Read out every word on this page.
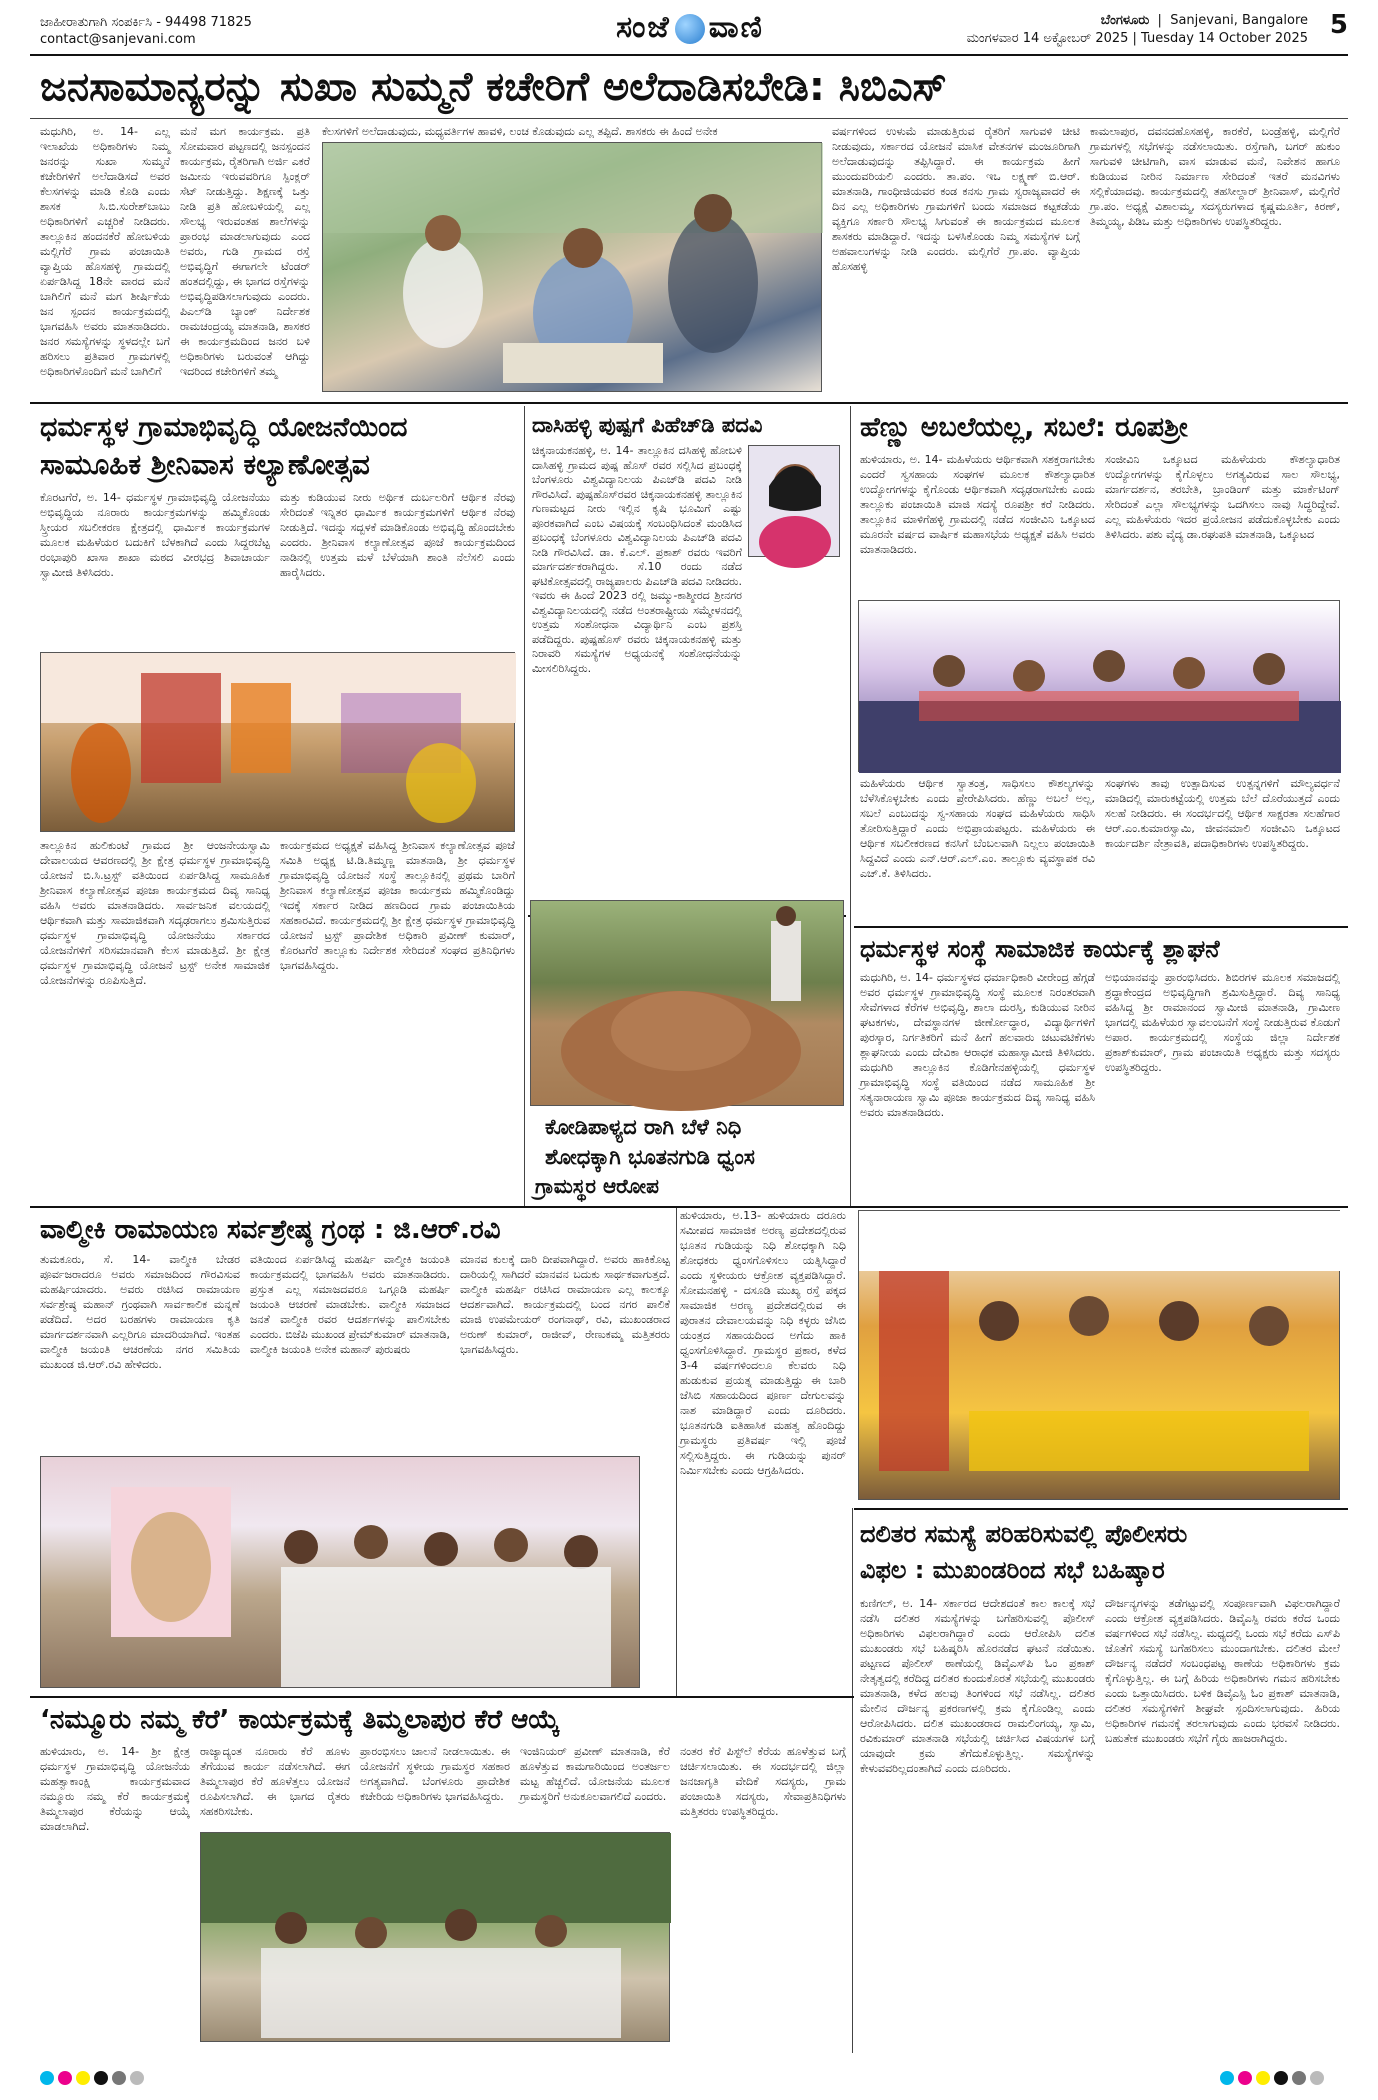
ಜಾಹೀರಾತುಗಾಗಿ ಸಂಪರ್ಕಿಸಿ - 94498 71825
contact@sanjevani.com	ಸಂಜೆ ವಾಣಿ	ಬೆಂಗಳೂರು  |  Sanjevani, Bangalore
ಮಂಗಳವಾರ 14 ಅಕ್ಟೋಬರ್ 2025 | Tuesday 14 October 2025 5
ಜನಸಾಮಾನ್ಯರನ್ನು ಸುಖಾ ಸುಮ್ಮನೆ ಕಚೇರಿಗೆ ಅಲೆದಾಡಿಸಬೇಡಿ: ಸಿಬಿಎಸ್
ಮಧುಗಿರಿ, ಅ. 14- ಎಲ್ಲ ಇಲಾಖೆಯ ಅಧಿಕಾರಿಗಳು ನಿಮ್ಮ ಜನರನ್ನು ಸುಖಾ ಸುಮ್ಮನೆ ಕಚೇರಿಗಳಿಗೆ ಅಲೆದಾಡಿಸದೆ ಅವರ ಕೆಲಸಗಳನ್ನು ಮಾಡಿ ಕೊಡಿ ಎಂದು ಶಾಸಕ ಸಿ.ಬಿ.ಸುರೇಶ್‌ಬಾಬು ಅಧಿಕಾರಿಗಳಿಗೆ ಎಚ್ಚರಿಕೆ ನೀಡಿದರು. ತಾಲ್ಲೂಕಿನ ಹಂದನಕೆರೆ ಹೋಬಳಿಯ ಮಲ್ಲಿಗೆರೆ ಗ್ರಾಮ ಪಂಚಾಯಿತಿ ವ್ಯಾಪ್ತಿಯ ಹೊಸಹಳ್ಳಿ ಗ್ರಾಮದಲ್ಲಿ ಏರ್ಪಡಿಸಿದ್ದ 18ನೇ ವಾರದ ಮನೆ ಬಾಗಿಲಿಗೆ ಮನೆ ಮಗ ಶೀರ್ಷಿಕೆಯ ಜನ ಸ್ಪಂದನ ಕಾರ್ಯಕ್ರಮದಲ್ಲಿ ಭಾಗವಹಿಸಿ ಅವರು ಮಾತನಾಡಿದರು. ಜನರ ಸಮಸ್ಯೆಗಳನ್ನು ಸ್ಥಳದಲ್ಲೇ ಬಗೆ ಹರಿಸಲು ಪ್ರತಿವಾರ ಗ್ರಾಮಗಳಲ್ಲಿ ಅಧಿಕಾರಿಗಳೊಂದಿಗೆ ಮನೆ ಬಾಗಿಲಿಗೆ
ಮನೆ ಮಗ ಕಾರ್ಯಕ್ರಮ. ಪ್ರತಿ ಸೋಮವಾರ ಪಟ್ಟಣದಲ್ಲಿ ಜನಸ್ಪಂದನ ಕಾರ್ಯಕ್ರಮ, ರೈತರಿಗಾಗಿ ಅರ್ಜಿ ಎಕರೆ ಜಮೀನು ಇರುವವರಿಗೂ ಸ್ಪಿಂಕ್ಲರ್ ಸೆಟ್ ನೀಡುತ್ತಿದ್ದು. ಶಿಕ್ಷಣಕ್ಕೆ ಒತ್ತು ನೀಡಿ ಪ್ರತಿ ಹೋಬಳಿಯಲ್ಲಿ ಎಲ್ಲ ಸೌಲಭ್ಯ ಇರುವಂತಹ ಶಾಲೆಗಳನ್ನು ಪ್ರಾರಂಭ ಮಾಡಲಾಗುವುದು ಎಂದ ಅವರು, ಗುಡಿ ಗ್ರಾಮದ ರಸ್ತೆ ಅಭಿವೃದ್ಧಿಗೆ ಈಗಾಗಲೇ ಟೆಂಡರ್ ಹಂತದಲ್ಲಿದ್ದು, ಈ ಭಾಗದ ರಸ್ತೆಗಳನ್ನು ಅಭಿವೃದ್ಧಿಪಡಿಸಲಾಗುವುದು ಎಂದರು. ಪಿಎಲ್‌ಡಿ ಬ್ಯಾಂಕ್ ನಿರ್ದೇಶಕ ರಾಮಚಂದ್ರಯ್ಯ ಮಾತನಾಡಿ, ಶಾಸಕರ ಈ ಕಾರ್ಯಕ್ರಮದಿಂದ ಜನರ ಬಳಿ ಅಧಿಕಾರಿಗಳು ಬರುವಂತೆ ಆಗಿದ್ದು ಇದರಿಂದ ಕಚೇರಿಗಳಿಗೆ ತಮ್ಮ
ಕೆಲಸಗಳಿಗೆ ಅಲೆದಾಡುವುದು, ಮಧ್ಯವರ್ತಿಗಳ ಹಾವಳಿ, ಲಂಚ ಕೊಡುವುದು ಎಲ್ಲ ತಪ್ಪಿದೆ. ಶಾಸಕರು ಈ ಹಿಂದೆ ಅನೇಕ	ವರ್ಷಗಳಿಂದ ಉಳುಮೆ ಮಾಡುತ್ತಿರುವ ರೈತರಿಗೆ ಸಾಗುವಳಿ ಚೀಟಿ ನೀಡುವುದು, ಸರ್ಕಾರದ ಯೋಜನೆ ಮಾಸಿಕ ವೇತನಗಳ ಮಂಜೂರಿಗಾಗಿ ಅಲೆದಾಡುವುದನ್ನು ತಪ್ಪಿಸಿದ್ದಾರೆ. ಈ ಕಾರ್ಯಕ್ರಮ ಹೀಗೆ ಮುಂದುವರಿಯಲಿ ಎಂದರು. ತಾ.ಪಂ. ಇಒ ಲಕ್ಷ್ಮಣ್ ಬಿ.ಆರ್. ಮಾತನಾಡಿ, ಗಾಂಧೀಜಿಯವರ ಕಂಡ ಕನಸು ಗ್ರಾಮ ಸ್ವರಾಜ್ಯವಾದರೆ ಈ ದಿನ ಎಲ್ಲ ಅಧಿಕಾರಿಗಳು ಗ್ರಾಮಗಳಿಗೆ ಬಂದು ಸಮಾಜದ ಕಟ್ಟಕಡೆಯ ವ್ಯಕ್ತಿಗೂ ಸರ್ಕಾರಿ ಸೌಲಭ್ಯ ಸಿಗುವಂತೆ ಈ ಕಾರ್ಯಕ್ರಮದ ಮೂಲಕ ಶಾಸಕರು ಮಾಡಿದ್ದಾರೆ. ಇದನ್ನು ಬಳಸಿಕೊಂಡು ನಿಮ್ಮ ಸಮಸ್ಯೆಗಳ ಬಗ್ಗೆ ಅಹವಾಲುಗಳನ್ನು ನೀಡಿ ಎಂದರು. ಮಲ್ಲಿಗೆರೆ ಗ್ರಾ.ಪಂ. ವ್ಯಾಪ್ತಿಯ ಹೊಸಹಳ್ಳಿ
ಕಾಮಲಾಪುರ, ದವನದಹೊಸಹಳ್ಳಿ, ಕಾರಕೆರೆ, ಬಂಡ್ರೆಹಳ್ಳಿ, ಮಲ್ಲಿಗೆರೆ ಗ್ರಾಮಗಳಲ್ಲಿ ಸಭೆಗಳನ್ನು ನಡೆಸಲಾಯಿತು. ರಸ್ತೆಗಾಗಿ, ಬಗರ್ ಹುಕುಂ ಸಾಗುವಳಿ ಚೀಟಿಗಾಗಿ, ವಾಸ ಮಾಡುವ ಮನೆ, ನಿವೇಶನ ಹಾಗೂ ಕುಡಿಯುವ ನೀರಿನ ನಿರ್ಮಾಣ ಸೇರಿದಂತೆ ಇತರೆ ಮನವಿಗಳು ಸಲ್ಲಿಕೆಯಾದವು. ಕಾರ್ಯಕ್ರಮದಲ್ಲಿ ತಹಸೀಲ್ದಾರ್ ಶ್ರೀನಿವಾಸ್, ಮಲ್ಲಿಗೆರೆ ಗ್ರಾ.ಪಂ. ಅಧ್ಯಕ್ಷೆ ವಿಶಾಲಮ್ಮ, ಸದಸ್ಯರುಗಳಾದ ಕೃಷ್ಣಮೂರ್ತಿ, ಕಿರಣ್, ತಿಮ್ಮಯ್ಯ, ಪಿಡಿಒ ಮತ್ತು ಅಧಿಕಾರಿಗಳು ಉಪಸ್ಥಿತರಿದ್ದರು.
ಧರ್ಮಸ್ಥಳ ಗ್ರಾಮಾಭಿವೃದ್ಧಿ ಯೋಜನೆಯಿಂದ
ಸಾಮೂಹಿಕ ಶ್ರೀನಿವಾಸ ಕಲ್ಯಾಣೋತ್ಸವ
ಕೊರಟಗೆರೆ, ಅ. 14- ಧರ್ಮಸ್ಥಳ ಗ್ರಾಮಾಭಿವೃದ್ಧಿ ಯೋಜನೆಯು ಅಭಿವೃದ್ಧಿಯ ನೂರಾರು ಕಾರ್ಯಕ್ರಮಗಳನ್ನು ಹಮ್ಮಿಕೊಂಡು ಸ್ತ್ರೀಯರ ಸಬಲೀಕರಣ ಕ್ಷೇತ್ರದಲ್ಲಿ ಧಾರ್ಮಿಕ ಕಾರ್ಯಕ್ರಮಗಳ ಮೂಲಕ ಮಹಿಳೆಯರ ಬದುಕಿಗೆ ಬೆಳಕಾಗಿದೆ ಎಂದು ಸಿದ್ದರಬೆಟ್ಟ ರಂಭಾಪುರಿ ಖಾಸಾ ಶಾಖಾ ಮಠದ ವೀರಭದ್ರ ಶಿವಾಚಾರ್ಯ ಸ್ವಾಮೀಜಿ ತಿಳಿಸಿದರು.
ಮತ್ತು ಕುಡಿಯುವ ನೀರು ಅರ್ಥಿಕ ದುರ್ಬಲರಿಗೆ ಆರ್ಥಿಕ ನೆರವು ಸೇರಿದಂತೆ ಇನ್ನಿತರ ಧಾರ್ಮಿಕ ಕಾರ್ಯಕ್ರಮಗಳಿಗೆ ಆರ್ಥಿಕ ನೆರವು ನೀಡುತ್ತಿದೆ. ಇದನ್ನು ಸದ್ಬಳಕೆ ಮಾಡಿಕೊಂಡು ಅಭಿವೃದ್ಧಿ ಹೊಂದಬೇಕು ಎಂದರು. ಶ್ರೀನಿವಾಸ ಕಲ್ಯಾಣೋತ್ಸವ ಪೂಜೆ ಕಾರ್ಯಕ್ರಮದಿಂದ ನಾಡಿನಲ್ಲಿ ಉತ್ತಮ ಮಳೆ ಬೆಳೆಯಾಗಿ ಶಾಂತಿ ನೆಲೆಸಲಿ ಎಂದು ಹಾರೈಸಿದರು.
ತಾಲ್ಲೂಕಿನ ಹುಲಿಕುಂಟೆ ಗ್ರಾಮದ ಶ್ರೀ ಆಂಜನೇಯಸ್ವಾಮಿ ದೇವಾಲಯದ ಆವರಣದಲ್ಲಿ ಶ್ರೀ ಕ್ಷೇತ್ರ ಧರ್ಮಸ್ಥಳ ಗ್ರಾಮಾಭಿವೃದ್ಧಿ ಯೋಜನೆ ಬಿ.ಸಿ.ಟ್ರಸ್ಟ್ ವತಿಯಿಂದ ಏರ್ಪಡಿಸಿದ್ದ ಸಾಮೂಹಿಕ ಶ್ರೀನಿವಾಸ ಕಲ್ಯಾಣೋತ್ಸವ ಪೂಜಾ ಕಾರ್ಯಕ್ರಮದ ದಿವ್ಯ ಸಾನಿಧ್ಯ ವಹಿಸಿ ಅವರು ಮಾತನಾಡಿದರು. ಸಾರ್ವಜನಿಕ ವಲಯದಲ್ಲಿ ಆರ್ಥಿಕವಾಗಿ ಮತ್ತು ಸಾಮಾಜಿಕವಾಗಿ ಸದೃಢರಾಗಲು ಶ್ರಮಿಸುತ್ತಿರುವ ಧರ್ಮಸ್ಥಳ ಗ್ರಾಮಾಭಿವೃದ್ಧಿ ಯೋಜನೆಯು ಸರ್ಕಾರದ ಯೋಜನೆಗಳಿಗೆ ಸರಿಸಮಾನವಾಗಿ ಕೆಲಸ ಮಾಡುತ್ತಿದೆ. ಶ್ರೀ ಕ್ಷೇತ್ರ ಧರ್ಮಸ್ಥಳ ಗ್ರಾಮಾಭಿವೃದ್ಧಿ ಯೋಜನೆ ಟ್ರಸ್ಟ್ ಅನೇಕ ಸಾಮಾಜಿಕ ಯೋಜನೆಗಳನ್ನು ರೂಪಿಸುತ್ತಿದೆ.
ಕಾರ್ಯಕ್ರಮದ ಅಧ್ಯಕ್ಷತೆ ವಹಿಸಿದ್ದ ಶ್ರೀನಿವಾಸ ಕಲ್ಯಾಣೋತ್ಸವ ಪೂಜೆ ಸಮಿತಿ ಅಧ್ಯಕ್ಷ ಟಿ.ಡಿ.ತಿಮ್ಮಣ್ಣ ಮಾತನಾಡಿ, ಶ್ರೀ ಧರ್ಮಸ್ಥಳ ಗ್ರಾಮಾಭಿವೃದ್ಧಿ ಯೋಜನೆ ಸಂಸ್ಥೆ ತಾಲ್ಲೂಕಿನಲ್ಲಿ ಪ್ರಥಮ ಬಾರಿಗೆ ಶ್ರೀನಿವಾಸ ಕಲ್ಯಾಣೋತ್ಸವ ಪೂಜಾ ಕಾರ್ಯಕ್ರಮ ಹಮ್ಮಿಕೊಂಡಿದ್ದು ಇದಕ್ಕೆ ಸರ್ಕಾರ ನೀಡಿದ ಹಣದಿಂದ ಗ್ರಾಮ ಪಂಚಾಯಿತಿಯ ಸಹಕಾರವಿದೆ. ಕಾರ್ಯಕ್ರಮದಲ್ಲಿ ಶ್ರೀ ಕ್ಷೇತ್ರ ಧರ್ಮಸ್ಥಳ ಗ್ರಾಮಾಭಿವೃದ್ಧಿ ಯೋಜನೆ ಟ್ರಸ್ಟ್ ಪ್ರಾದೇಶಿಕ ಅಧಿಕಾರಿ ಪ್ರವೀಣ್ ಕುಮಾರ್, ಕೊರಟಗೆರೆ ತಾಲ್ಲೂಕು ನಿರ್ದೇಶಕ ಸೇರಿದಂತೆ ಸಂಘದ ಪ್ರತಿನಿಧಿಗಳು ಭಾಗವಹಿಸಿದ್ದರು.
ದಾಸಿಹಳ್ಳಿ ಪುಷ್ಪಗೆ ಪಿಹೆಚ್‌ಡಿ ಪದವಿ
ಚಿಕ್ಕನಾಯಕನಹಳ್ಳಿ, ಅ. 14- ತಾಲ್ಲೂಕಿನ ದಸಿಹಳ್ಳಿ ಹೋಬಳಿ ದಾಸಿಹಳ್ಳಿ ಗ್ರಾಮದ ಪುಷ್ಪ ಹೊಸ್ ರವರ ಸಲ್ಲಿಸಿದ ಪ್ರಬಂಧಕ್ಕೆ ಬೆಂಗಳೂರು ವಿಶ್ವವಿದ್ಯಾನಿಲಯ ಪಿಎಚ್‌ಡಿ ಪದವಿ ನೀಡಿ ಗೌರವಿಸಿದೆ. ಪುಷ್ಪಹೊಸ್‌ರವರ ಚಿಕ್ಕನಾಯಕನಹಳ್ಳಿ ತಾಲ್ಲೂಕಿನ ಗುಣಮಟ್ಟದ ನೀರು ಇಲ್ಲಿನ ಕೃಷಿ ಭೂಮಿಗೆ ಎಷ್ಟು ಪೂರಕವಾಗಿದೆ ಎಂಬ ವಿಷಯಕ್ಕೆ ಸಂಬಂಧಿಸಿದಂತೆ ಮಂಡಿಸಿದ ಪ್ರಬಂಧಕ್ಕೆ ಬೆಂಗಳೂರು ವಿಶ್ವವಿದ್ಯಾನಿಲಯ ಪಿಎಚ್‌ಡಿ ಪದವಿ ನೀಡಿ ಗೌರವಿಸಿದೆ. ಡಾ. ಕೆ.ಎಲ್. ಪ್ರಕಾಶ್ ರವರು ಇವರಿಗೆ ಮಾರ್ಗದರ್ಶಕರಾಗಿದ್ದರು. ಸೆ.10 ರಂದು ನಡೆದ ಘಟಿಕೋತ್ಸವದಲ್ಲಿ ರಾಜ್ಯಪಾಲರು ಪಿಎಚ್‌ಡಿ ಪದವಿ ನೀಡಿದರು. ಇವರು ಈ ಹಿಂದೆ 2023 ರಲ್ಲಿ ಜಮ್ಮು-ಕಾಶ್ಮೀರದ ಶ್ರೀನಗರ ವಿಶ್ವವಿದ್ಯಾನಿಲಯದಲ್ಲಿ ನಡೆದ ಅಂತರಾಷ್ಟ್ರೀಯ ಸಮ್ಮೇಳನದಲ್ಲಿ ಉತ್ತಮ ಸಂಶೋಧನಾ ವಿದ್ಯಾರ್ಥಿನಿ ಎಂಬ ಪ್ರಶಸ್ತಿ ಪಡೆದಿದ್ದರು. ಪುಷ್ಪಹೊಸ್ ರವರು ಚಿಕ್ಕನಾಯಕನಹಳ್ಳಿ ಮತ್ತು ನಿರಾವರಿ ಸಮಸ್ಯೆಗಳ ಅಧ್ಯಯನಕ್ಕೆ ಸಂಶೋಧನೆಯನ್ನು ಮೀಸಲಿರಿಸಿದ್ದರು.
ಕೋಡಿಪಾಳ್ಯದ ರಾಗಿ ಬೆಳೆ ನಿಧಿ
ಶೋಧಕ್ಕಾಗಿ ಭೂತನಗುಡಿ ಧ್ವಂಸ
ಗ್ರಾಮಸ್ಥರ ಆರೋಪ
ಹೆಣ್ಣು ಅಬಲೆಯಲ್ಲ, ಸಬಲೆ: ರೂಪಶ್ರೀ
ಹುಳಿಯಾರು, ಅ. 14- ಮಹಿಳೆಯರು ಆರ್ಥಿಕವಾಗಿ ಸಶಕ್ತರಾಗಬೇಕು ಎಂದರೆ ಸ್ವಸಹಾಯ ಸಂಘಗಳ ಮೂಲಕ ಕೌಶಲ್ಯಾಧಾರಿತ ಉದ್ಯೋಗಗಳನ್ನು ಕೈಗೊಂಡು ಆರ್ಥಿಕವಾಗಿ ಸದೃಢರಾಗಬೇಕು ಎಂದು ತಾಲ್ಲೂಕು ಪಂಚಾಯಿತಿ ಮಾಜಿ ಸದಸ್ಯೆ ರೂಪಶ್ರೀ ಕರೆ ನೀಡಿದರು. ತಾಲ್ಲೂಕಿನ ಮಾಳಿಗೆಹಳ್ಳಿ ಗ್ರಾಮದಲ್ಲಿ ನಡೆದ ಸಂಜೀವಿನಿ ಒಕ್ಕೂಟದ ಮೂರನೇ ವರ್ಷದ ವಾರ್ಷಿಕ ಮಹಾಸಭೆಯ ಅಧ್ಯಕ್ಷತೆ ವಹಿಸಿ ಅವರು ಮಾತನಾಡಿದರು.
ಸಂಜೀವಿನಿ ಒಕ್ಕೂಟದ ಮಹಿಳೆಯರು ಕೌಶಲ್ಯಾಧಾರಿತ ಉದ್ಯೋಗಗಳನ್ನು ಕೈಗೊಳ್ಳಲು ಅಗತ್ಯವಿರುವ ಸಾಲ ಸೌಲಭ್ಯ, ಮಾರ್ಗದರ್ಶನ, ತರಬೇತಿ, ಬ್ರಾಂಡಿಂಗ್ ಮತ್ತು ಮಾರ್ಕೆಟಿಂಗ್ ಸೇರಿದಂತೆ ಎಲ್ಲಾ ಸೌಲಭ್ಯಗಳನ್ನು ಒದಗಿಸಲು ನಾವು ಸಿದ್ಧರಿದ್ದೇವೆ. ಎಲ್ಲ ಮಹಿಳೆಯರು ಇದರ ಪ್ರಯೋಜನ ಪಡೆದುಕೊಳ್ಳಬೇಕು ಎಂದು ತಿಳಿಸಿದರು. ಪಶು ವೈದ್ಯ ಡಾ.ರಘುಪತಿ ಮಾತನಾಡಿ, ಒಕ್ಕೂಟದ
ಮಹಿಳೆಯರು ಆರ್ಥಿಕ ಸ್ವಾತಂತ್ರ, ಸಾಧಿಸಲು ಕೌಶಲ್ಯಗಳನ್ನು ಬೆಳೆಸಿಕೊಳ್ಳಬೇಕು ಎಂದು ಪ್ರೇರೇಪಿಸಿದರು. ಹೆಣ್ಣು ಅಬಲೆ ಅಲ್ಲ, ಸಬಲೆ ಎಂಬುದನ್ನು ಸ್ವ-ಸಹಾಯ ಸಂಘದ ಮಹಿಳೆಯರು ಸಾಧಿಸಿ ತೋರಿಸುತ್ತಿದ್ದಾರೆ ಎಂದು ಅಭಿಪ್ರಾಯಪಟ್ಟರು. ಮಹಿಳೆಯರು ಈ ಆರ್ಥಿಕ ಸಬಲೀಕರಣದ ಕನಸಿಗೆ ಬೆಂಬಲವಾಗಿ ನಿಲ್ಲಲು ಪಂಚಾಯಿತಿ ಸಿದ್ದವಿದೆ ಎಂದು ಎನ್.ಆರ್.ಎಲ್.ಎಂ. ತಾಲ್ಲೂಕು ವ್ಯವಸ್ಥಾಪಕ ರವಿ ಎಚ್.ಕೆ. ತಿಳಿಸಿದರು.
ಸಂಘಗಳು ತಾವು ಉತ್ಪಾದಿಸುವ ಉತ್ಪನ್ನಗಳಿಗೆ ಮೌಲ್ಯವರ್ಧನೆ ಮಾಡಿದಲ್ಲಿ ಮಾರುಕಟ್ಟೆಯಲ್ಲಿ ಉತ್ತಮ ಬೆಲೆ ದೊರೆಯುತ್ತದೆ ಎಂದು ಸಲಹೆ ನೀಡಿದರು. ಈ ಸಂದರ್ಭದಲ್ಲಿ ಆರ್ಥಿಕ ಸಾಕ್ಷರತಾ ಸಲಹೆಗಾರ ಆರ್.ಎಂ.ಕುಮಾರಸ್ವಾಮಿ, ಜೀವನಮಾಲಿ ಸಂಜೀವಿನಿ ಒಕ್ಕೂಟದ ಕಾರ್ಯದರ್ಶಿ ನೇತ್ರಾವತಿ, ಪದಾಧಿಕಾರಿಗಳು ಉಪಸ್ಥಿತರಿದ್ದರು.
ಧರ್ಮಸ್ಥಳ ಸಂಸ್ಥೆ ಸಾಮಾಜಿಕ ಕಾರ್ಯಕ್ಕೆ ಶ್ಲಾಘನೆ
ಮಧುಗಿರಿ, ಅ. 14- ಧರ್ಮಸ್ಥಳದ ಧರ್ಮಾಧಿಕಾರಿ ವೀರೇಂದ್ರ ಹೆಗ್ಗಡೆ ಅವರ ಧರ್ಮಸ್ಥಳ ಗ್ರಾಮಾಭಿವೃದ್ಧಿ ಸಂಸ್ಥೆ ಮೂಲಕ ನಿರಂತರವಾಗಿ ಸೇವೆಗಳಾದ ಕೆರೆಗಳ ಅಭಿವೃದ್ಧಿ, ಶಾಲಾ ದುರಸ್ತಿ, ಕುಡಿಯುವ ನೀರಿನ ಘಟಕಗಳು, ದೇವಸ್ಥಾನಗಳ ಜೀರ್ಣೋದ್ಧಾರ, ವಿದ್ಯಾರ್ಥಿಗಳಿಗೆ ಪುರಸ್ಕಾರ, ನಿರ್ಗತಿಕರಿಗೆ ಮನೆ ಹೀಗೆ ಹಲವಾರು ಚಟುವಟಿಕೆಗಳು ಶ್ಲಾಘನೀಯ ಎಂದು ದೇವಿಕಾ ಆರಾಧಕ ಮಹಾಸ್ವಾಮೀಜಿ ತಿಳಿಸಿದರು. ಮಧುಗಿರಿ ತಾಲ್ಲೂಕಿನ ಕೊಡಿಗೇನಹಳ್ಳಿಯಲ್ಲಿ ಧರ್ಮಸ್ಥಳ ಗ್ರಾಮಾಭಿವೃದ್ಧಿ ಸಂಸ್ಥೆ ವತಿಯಿಂದ ನಡೆದ ಸಾಮೂಹಿಕ ಶ್ರೀ ಸತ್ಯನಾರಾಯಣ ಸ್ವಾಮಿ ಪೂಜಾ ಕಾರ್ಯಕ್ರಮದ ದಿವ್ಯ ಸಾನಿಧ್ಯ ವಹಿಸಿ ಅವರು ಮಾತನಾಡಿದರು.
ಅಭಿಯಾನವನ್ನು ಪ್ರಾರಂಭಿಸಿದರು. ಶಿಬಿರಗಳ ಮೂಲಕ ಸಮಾಜದಲ್ಲಿ ಶ್ರದ್ಧಾಕೇಂದ್ರದ ಅಭಿವೃದ್ಧಿಗಾಗಿ ಶ್ರಮಿಸುತ್ತಿದ್ದಾರೆ. ದಿವ್ಯ ಸಾನಿಧ್ಯ ವಹಿಸಿದ್ದ ಶ್ರೀ ರಾಮಾನಂದ ಸ್ವಾಮೀಜಿ ಮಾತನಾಡಿ, ಗ್ರಾಮೀಣ ಭಾಗದಲ್ಲಿ ಮಹಿಳೆಯರ ಸ್ವಾವಲಂಬನೆಗೆ ಸಂಸ್ಥೆ ನೀಡುತ್ತಿರುವ ಕೊಡುಗೆ ಅಪಾರ. ಕಾರ್ಯಕ್ರಮದಲ್ಲಿ ಸಂಸ್ಥೆಯ ಜಿಲ್ಲಾ ನಿರ್ದೇಶಕ ಪ್ರಕಾಶ್‌ಕುಮಾರ್, ಗ್ರಾಮ ಪಂಚಾಯಿತಿ ಅಧ್ಯಕ್ಷರು ಮತ್ತು ಸದಸ್ಯರು ಉಪಸ್ಥಿತರಿದ್ದರು.
ಹುಳಿಯಾರು, ಅ.13- ಹುಳಿಯಾರು ದರೂರು ಸಮೀಪದ ಸಾಮಾಜಿಕ ಅರಣ್ಯ ಪ್ರದೇಶದಲ್ಲಿರುವ ಭೂತನ ಗುಡಿಯನ್ನು ನಿಧಿ ಶೋಧಕ್ಕಾಗಿ ನಿಧಿ ಶೋಧಕರು ಧ್ವಂಸಗೊಳಿಸಲು ಯತ್ನಿಸಿದ್ದಾರೆ ಎಂದು ಸ್ಥಳೀಯರು ಆಕ್ರೋಶ ವ್ಯಕ್ತಪಡಿಸಿದ್ದಾರೆ. ಸೋಮನಹಳ್ಳಿ - ದಸೂಡಿ ಮುಖ್ಯ ರಸ್ತೆ ಪಕ್ಕದ ಸಾಮಾಜಿಕ ಅರಣ್ಯ ಪ್ರದೇಶದಲ್ಲಿರುವ ಈ ಪುರಾತನ ದೇವಾಲಯವನ್ನು ನಿಧಿ ಕಳ್ಳರು ಜೆಸಿಬಿ ಯಂತ್ರದ ಸಹಾಯದಿಂದ ಅಗೆದು ಹಾಕಿ ಧ್ವಂಸಗೊಳಿಸಿದ್ದಾರೆ. ಗ್ರಾಮಸ್ಥರ ಪ್ರಕಾರ, ಕಳೆದ 3-4 ವರ್ಷಗಳಿಂದಲೂ ಕೆಲವರು ನಿಧಿ ಹುಡುಕುವ ಪ್ರಯತ್ನ ಮಾಡುತ್ತಿದ್ದು ಈ ಬಾರಿ ಜೆಸಿಬಿ ಸಹಾಯದಿಂದ ಪೂರ್ಣ ದೇಗುಲವನ್ನು ನಾಶ ಮಾಡಿದ್ದಾರೆ ಎಂದು ದೂರಿದರು. ಭೂತನಗುಡಿ ಐತಿಹಾಸಿಕ ಮಹತ್ವ ಹೊಂದಿದ್ದು ಗ್ರಾಮಸ್ಥರು ಪ್ರತಿವರ್ಷ ಇಲ್ಲಿ ಪೂಜೆ ಸಲ್ಲಿಸುತ್ತಿದ್ದರು. ಈ ಗುಡಿಯನ್ನು ಪುನರ್‌ ನಿರ್ಮಿಸಬೇಕು ಎಂದು ಆಗ್ರಹಿಸಿದರು.
ವಾಲ್ಮೀಕಿ ರಾಮಾಯಣ ಸರ್ವಶ್ರೇಷ್ಠ ಗ್ರಂಥ : ಜಿ.ಆರ್.ರವಿ
ತುಮಕೂರು, ಸೆ. 14- ವಾಲ್ಮೀಕಿ ಬೇಡರ ಪೂರ್ವಜರಾದರೂ ಅವರು ಸಮಾಜದಿಂದ ಗೌರವಿಸುವ ಮಹರ್ಷಿಯಾದರು. ಅವರು ರಚಿಸಿದ ರಾಮಾಯಣ ಸರ್ವಶ್ರೇಷ್ಠ ಮಹಾನ್ ಗ್ರಂಥವಾಗಿ ಸಾರ್ವಕಾಲಿಕ ಮನ್ನಣೆ ಪಡೆದಿದೆ. ಅದರ ಬರಹಗಳು ರಾಮಾಯಣ ಕೃತಿ ಮಾರ್ಗದರ್ಶನವಾಗಿ ಎಲ್ಲರಿಗೂ ಮಾದರಿಯಾಗಿದೆ. ಇಂತಹ ವಾಲ್ಮೀಕಿ ಜಯಂತಿ ಆಚರಣೆಯ ನಗರ ಸಮಿತಿಯ ಮುಖಂಡ ಜಿ.ಆರ್.ರವಿ ಹೇಳಿದರು.
ವತಿಯಿಂದ ಏರ್ಪಡಿಸಿದ್ದ ಮಹರ್ಷಿ ವಾಲ್ಮೀಕಿ ಜಯಂತಿ ಕಾರ್ಯಕ್ರಮದಲ್ಲಿ ಭಾಗವಹಿಸಿ ಅವರು ಮಾತನಾಡಿದರು. ಪ್ರಸ್ತುತ ಎಲ್ಲ ಸಮಾಜದವರೂ ಒಗ್ಗೂಡಿ ಮಹರ್ಷಿ ಜಯಂತಿ ಆಚರಣೆ ಮಾಡಬೇಕು. ವಾಲ್ಮೀಕಿ ಸಮಾಜದ ಜನತೆ ವಾಲ್ಮೀಕಿ ರವರ ಆದರ್ಶಗಳನ್ನು ಪಾಲಿಸಬೇಕು ಎಂದರು. ಬಿಜೆಪಿ ಮುಖಂಡ ಪ್ರೇಮ್‌ಕುಮಾರ್ ಮಾತನಾಡಿ, ವಾಲ್ಮೀಕಿ ಜಯಂತಿ ಅನೇಕ ಮಹಾನ್ ಪುರುಷರು
ಮಾನವ ಕುಲಕ್ಕೆ ದಾರಿ ದೀಪವಾಗಿದ್ದಾರೆ. ಅವರು ಹಾಕಿಕೊಟ್ಟ ದಾರಿಯಲ್ಲಿ ಸಾಗಿದರೆ ಮಾನವನ ಬದುಕು ಸಾರ್ಥಕವಾಗುತ್ತದೆ. ವಾಲ್ಮೀಕಿ ಮಹರ್ಷಿ ರಚಿಸಿದ ರಾಮಾಯಣ ಎಲ್ಲ ಕಾಲಕ್ಕೂ ಆದರ್ಶವಾಗಿದೆ. ಕಾರ್ಯಕ್ರಮದಲ್ಲಿ ಬಂದ ನಗರ ಪಾಲಿಕೆ ಮಾಜಿ ಉಪಮೇಯರ್ ರಂಗನಾಥ್, ರವಿ, ಮುಖಂಡರಾದ ಅರುಣ್ ಕುಮಾರ್, ರಾಜೀವ್, ರೇಣುಕಮ್ಮ ಮತ್ತಿತರರು ಭಾಗವಹಿಸಿದ್ದರು.
ದಲಿತರ ಸಮಸ್ಯೆ ಪರಿಹರಿಸುವಲ್ಲಿ ಪೊಲೀಸರು
ವಿಫಲ : ಮುಖಂಡರಿಂದ ಸಭೆ ಬಹಿಷ್ಕಾರ
ಕುಣಿಗಲ್, ಅ. 14- ಸರ್ಕಾರದ ಆದೇಶದಂತೆ ಕಾಲ ಕಾಲಕ್ಕೆ ಸಭೆ ನಡೆಸಿ ದಲಿತರ ಸಮಸ್ಯೆಗಳನ್ನು ಬಗೆಹರಿಸುವಲ್ಲಿ ಪೊಲೀಸ್ ಅಧಿಕಾರಿಗಳು ವಿಫಲರಾಗಿದ್ದಾರೆ ಎಂದು ಆರೋಪಿಸಿ ದಲಿತ ಮುಖಂಡರು ಸಭೆ ಬಹಿಷ್ಕರಿಸಿ ಹೊರನಡೆದ ಘಟನೆ ನಡೆಯಿತು. ಪಟ್ಟಣದ ಪೊಲೀಸ್ ಠಾಣೆಯಲ್ಲಿ ಡಿವೈಎಸ್‌ಪಿ ಓಂ ಪ್ರಕಾಶ್ ನೇತೃತ್ವದಲ್ಲಿ ಕರೆದಿದ್ದ ದಲಿತರ ಕುಂದುಕೊರತೆ ಸಭೆಯಲ್ಲಿ ಮುಖಂಡರು ಮಾತನಾಡಿ, ಕಳೆದ ಹಲವು ತಿಂಗಳಿಂದ ಸಭೆ ನಡೆಸಿಲ್ಲ. ದಲಿತರ ಮೇಲಿನ ದೌರ್ಜನ್ಯ ಪ್ರಕರಣಗಳಲ್ಲಿ ಕ್ರಮ ಕೈಗೊಂಡಿಲ್ಲ ಎಂದು ಆರೋಪಿಸಿದರು. ದಲಿತ ಮುಖಂಡರಾದ ರಾಮಲಿಂಗಯ್ಯ, ಸ್ವಾಮಿ, ರವಿಕುಮಾರ್ ಮಾತನಾಡಿ ಸಭೆಯಲ್ಲಿ ಚರ್ಚಿಸಿದ ವಿಷಯಗಳ ಬಗ್ಗೆ ಯಾವುದೇ ಕ್ರಮ ತೆಗೆದುಕೊಳ್ಳುತ್ತಿಲ್ಲ. ಸಮಸ್ಯೆಗಳನ್ನು ಕೇಳುವವರಿಲ್ಲದಂತಾಗಿದೆ ಎಂದು ದೂರಿದರು.
ದೌರ್ಜನ್ಯಗಳನ್ನು ತಡೆಗಟ್ಟುವಲ್ಲಿ ಸಂಪೂರ್ಣವಾಗಿ ವಿಫಲರಾಗಿದ್ದಾರೆ ಎಂದು ಆಕ್ರೋಶ ವ್ಯಕ್ತಪಡಿಸಿದರು. ಡಿವೈಎಸ್ಪಿ ರವರು ಕರೆದ ಒಂದು ವರ್ಷಗಳಿಂದ ಸಭೆ ನಡೆಸಿಲ್ಲ. ಮಧ್ಯದಲ್ಲಿ ಒಂದು ಸಭೆ ಕರೆದು ಎಸ್‌ಪಿ ಜೊತೆಗೆ ಸಮಸ್ಯೆ ಬಗೆಹರಿಸಲು ಮುಂದಾಗಬೇಕು. ದಲಿತರ ಮೇಲೆ ದೌರ್ಜನ್ಯ ನಡೆದರೆ ಸಂಬಂಧಪಟ್ಟ ಠಾಣೆಯ ಅಧಿಕಾರಿಗಳು ಕ್ರಮ ಕೈಗೊಳ್ಳುತ್ತಿಲ್ಲ. ಈ ಬಗ್ಗೆ ಹಿರಿಯ ಅಧಿಕಾರಿಗಳು ಗಮನ ಹರಿಸಬೇಕು ಎಂದು ಒತ್ತಾಯಿಸಿದರು. ಬಳಿಕ ಡಿವೈಎಸ್ಪಿ ಓಂ ಪ್ರಕಾಶ್ ಮಾತನಾಡಿ, ದಲಿತರ ಸಮಸ್ಯೆಗಳಿಗೆ ಶೀಘ್ರವೇ ಸ್ಪಂದಿಸಲಾಗುವುದು. ಹಿರಿಯ ಅಧಿಕಾರಿಗಳ ಗಮನಕ್ಕೆ ತರಲಾಗುವುದು ಎಂದು ಭರವಸೆ ನೀಡಿದರು. ಬಹುತೇಕ ಮುಖಂಡರು ಸಭೆಗೆ ಗೈರು ಹಾಜರಾಗಿದ್ದರು.
‘ನಮ್ಮೂರು ನಮ್ಮ ಕೆರೆ’ ಕಾರ್ಯಕ್ರಮಕ್ಕೆ ತಿಮ್ಮಲಾಪುರ ಕೆರೆ ಆಯ್ಕೆ
ಹುಳಿಯಾರು, ಅ. 14- ಶ್ರೀ ಕ್ಷೇತ್ರ ಧರ್ಮಸ್ಥಳ ಗ್ರಾಮಾಭಿವೃದ್ಧಿ ಯೋಜನೆಯ ಮಹತ್ವಾಕಾಂಕ್ಷಿ ಕಾರ್ಯಕ್ರಮವಾದ ನಮ್ಮೂರು ನಮ್ಮ ಕೆರೆ ಕಾರ್ಯಕ್ರಮಕ್ಕೆ ತಿಮ್ಮಲಾಪುರ ಕೆರೆಯನ್ನು ಆಯ್ಕೆ ಮಾಡಲಾಗಿದೆ.
ರಾಜ್ಯಾದ್ಯಂತ ನೂರಾರು ಕೆರೆ ಹೂಳು ತೆಗೆಯುವ ಕಾರ್ಯ ನಡೆಸಲಾಗಿದೆ. ಈಗ ತಿಮ್ಮಲಾಪುರ ಕೆರೆ ಹೂಳೆತ್ತಲು ಯೋಜನೆ ರೂಪಿಸಲಾಗಿದೆ. ಈ ಭಾಗದ ರೈತರು ಸಹಕರಿಸಬೇಕು.
ಪ್ರಾರಂಭಿಸಲು ಚಾಲನೆ ನೀಡಲಾಯಿತು. ಈ ಯೋಜನೆಗೆ ಸ್ಥಳೀಯ ಗ್ರಾಮಸ್ಥರ ಸಹಕಾರ ಅಗತ್ಯವಾಗಿದೆ. ಬೆಂಗಳೂರು ಪ್ರಾದೇಶಿಕ ಕಚೇರಿಯ ಅಧಿಕಾರಿಗಳು ಭಾಗವಹಿಸಿದ್ದರು.
ಇಂಜಿನಿಯರ್ ಪ್ರವೀಣ್ ಮಾತನಾಡಿ, ಕೆರೆ ಹೂಳೆತ್ತುವ ಕಾಮಗಾರಿಯಿಂದ ಅಂತರ್ಜಲ ಮಟ್ಟ ಹೆಚ್ಚಲಿದೆ. ಯೋಜನೆಯ ಮೂಲಕ ಗ್ರಾಮಸ್ಥರಿಗೆ ಅನುಕೂಲವಾಗಲಿದೆ ಎಂದರು.
ನಂತರ ಕೆರೆ ಪಿಸ್ಟ್‌ಲೆ ಕೆರೆಯ ಹೂಳೆತ್ತುವ ಬಗ್ಗೆ ಚರ್ಚಿಸಲಾಯಿತು. ಈ ಸಂದರ್ಭದಲ್ಲಿ ಜಿಲ್ಲಾ ಜನಜಾಗೃತಿ ವೇದಿಕೆ ಸದಸ್ಯರು, ಗ್ರಾಮ ಪಂಚಾಯಿತಿ ಸದಸ್ಯರು, ಸೇವಾಪ್ರತಿನಿಧಿಗಳು ಮತ್ತಿತರರು ಉಪಸ್ಥಿತರಿದ್ದರು.
